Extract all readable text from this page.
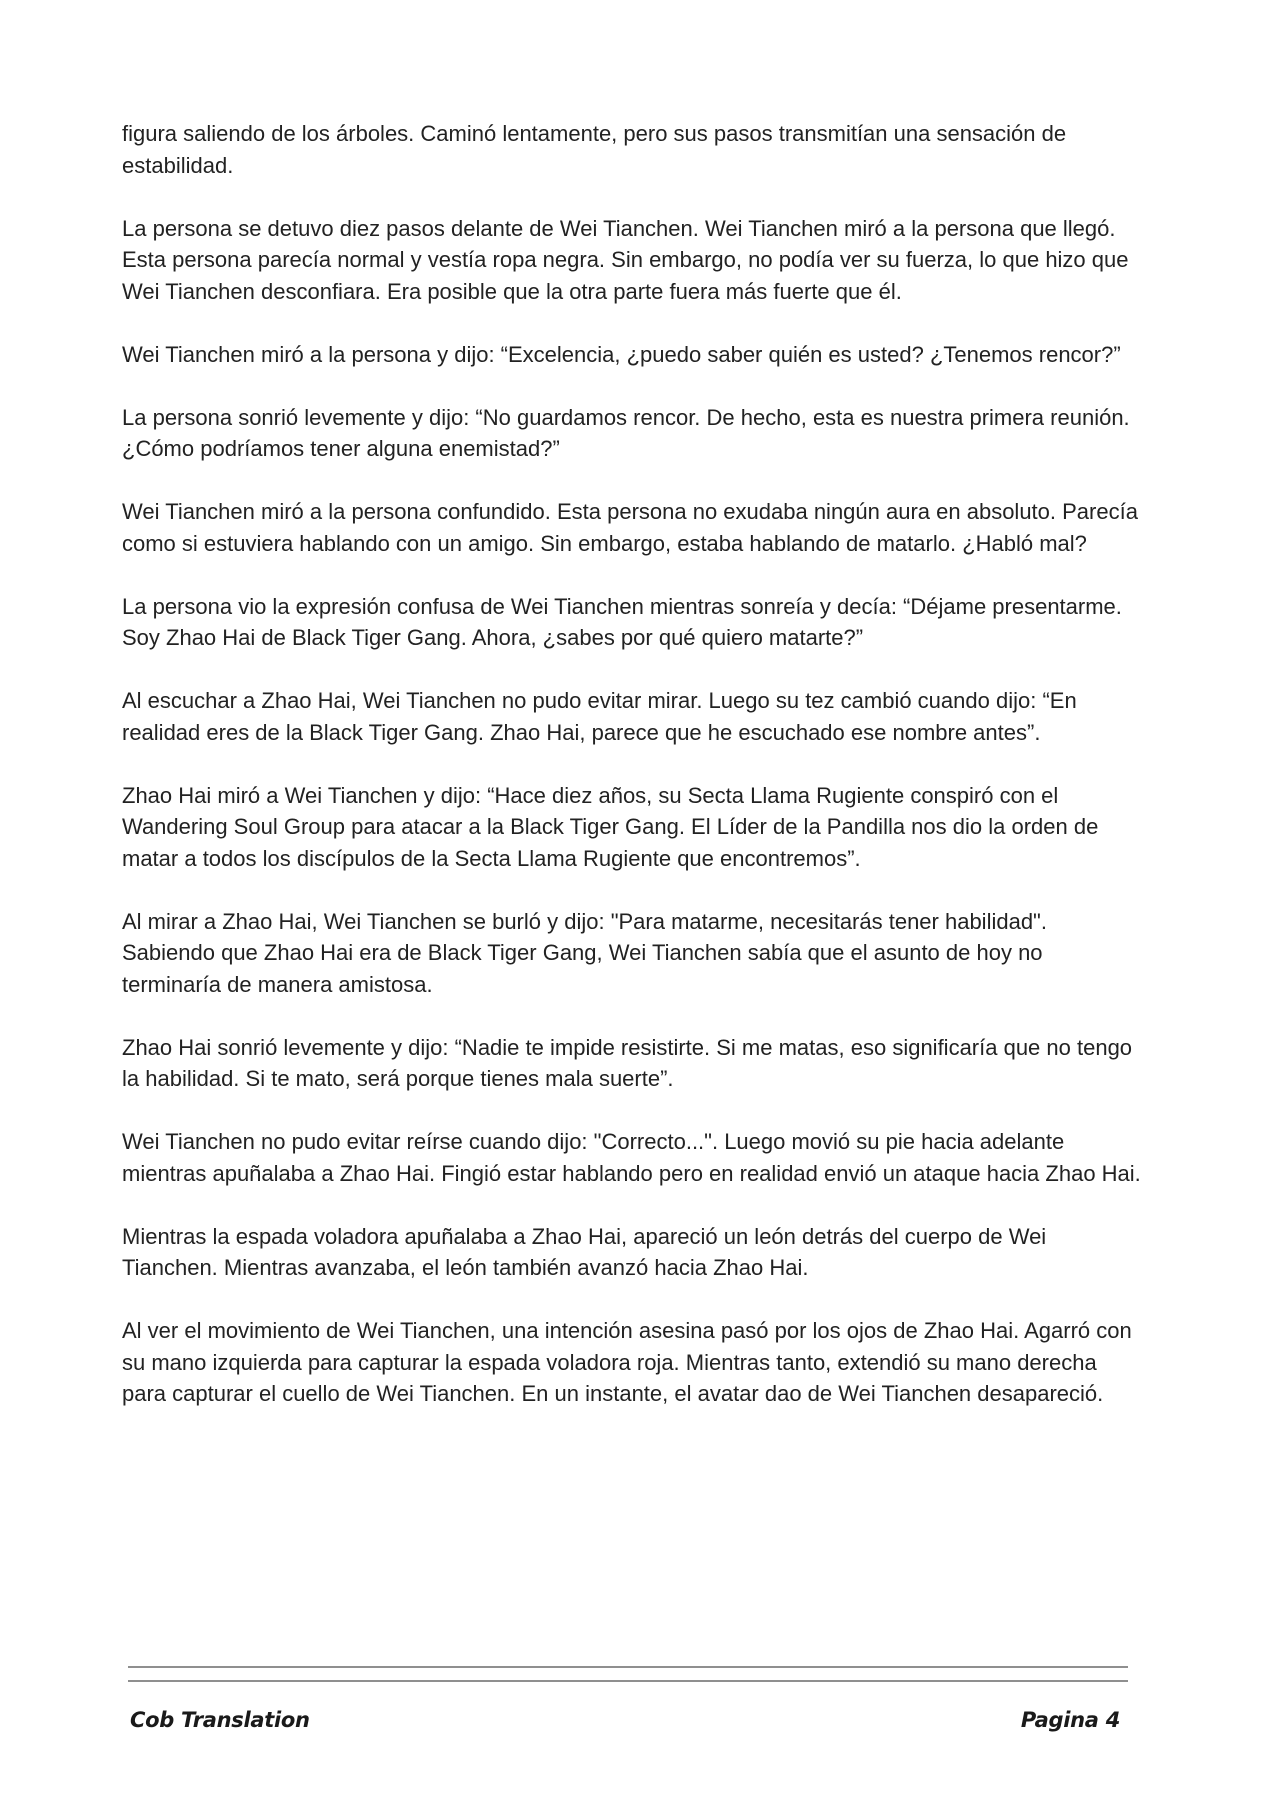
figura saliendo de los árboles. Caminó lentamente, pero sus pasos transmitían una sensación de estabilidad.

La persona se detuvo diez pasos delante de Wei Tianchen. Wei Tianchen miró a la persona que llegó. Esta persona parecía normal y vestía ropa negra. Sin embargo, no podía ver su fuerza, lo que hizo que Wei Tianchen desconfiara. Era posible que la otra parte fuera más fuerte que él.

Wei Tianchen miró a la persona y dijo: “Excelencia, ¿puedo saber quién es usted? ¿Tenemos rencor?”

La persona sonrió levemente y dijo: “No guardamos rencor. De hecho, esta es nuestra primera reunión. ¿Cómo podríamos tener alguna enemistad?”

Wei Tianchen miró a la persona confundido. Esta persona no exudaba ningún aura en absoluto. Parecía como si estuviera hablando con un amigo. Sin embargo, estaba hablando de matarlo. ¿Habló mal?

La persona vio la expresión confusa de Wei Tianchen mientras sonreía y decía: “Déjame presentarme. Soy Zhao Hai de Black Tiger Gang. Ahora, ¿sabes por qué quiero matarte?”

Al escuchar a Zhao Hai, Wei Tianchen no pudo evitar mirar. Luego su tez cambió cuando dijo: “En realidad eres de la Black Tiger Gang. Zhao Hai, parece que he escuchado ese nombre antes”.

Zhao Hai miró a Wei Tianchen y dijo: “Hace diez años, su Secta Llama Rugiente conspiró con el Wandering Soul Group para atacar a la Black Tiger Gang. El Líder de la Pandilla nos dio la orden de matar a todos los discípulos de la Secta Llama Rugiente que encontremos”.

Al mirar a Zhao Hai, Wei Tianchen se burló y dijo: "Para matarme, necesitarás tener habilidad". Sabiendo que Zhao Hai era de Black Tiger Gang, Wei Tianchen sabía que el asunto de hoy no terminaría de manera amistosa.

Zhao Hai sonrió levemente y dijo: “Nadie te impide resistirte. Si me matas, eso significaría que no tengo la habilidad. Si te mato, será porque tienes mala suerte”.

Wei Tianchen no pudo evitar reírse cuando dijo: "Correcto...". Luego movió su pie hacia adelante mientras apuñalaba a Zhao Hai. Fingió estar hablando pero en realidad envió un ataque hacia Zhao Hai.

Mientras la espada voladora apuñalaba a Zhao Hai, apareció un león detrás del cuerpo de Wei Tianchen. Mientras avanzaba, el león también avanzó hacia Zhao Hai.

Al ver el movimiento de Wei Tianchen, una intención asesina pasó por los ojos de Zhao Hai. Agarró con su mano izquierda para capturar la espada voladora roja. Mientras tanto, extendió su mano derecha para capturar el cuello de Wei Tianchen. En un instante, el avatar dao de Wei Tianchen desapareció.

Cob Translation	Pagina 4
